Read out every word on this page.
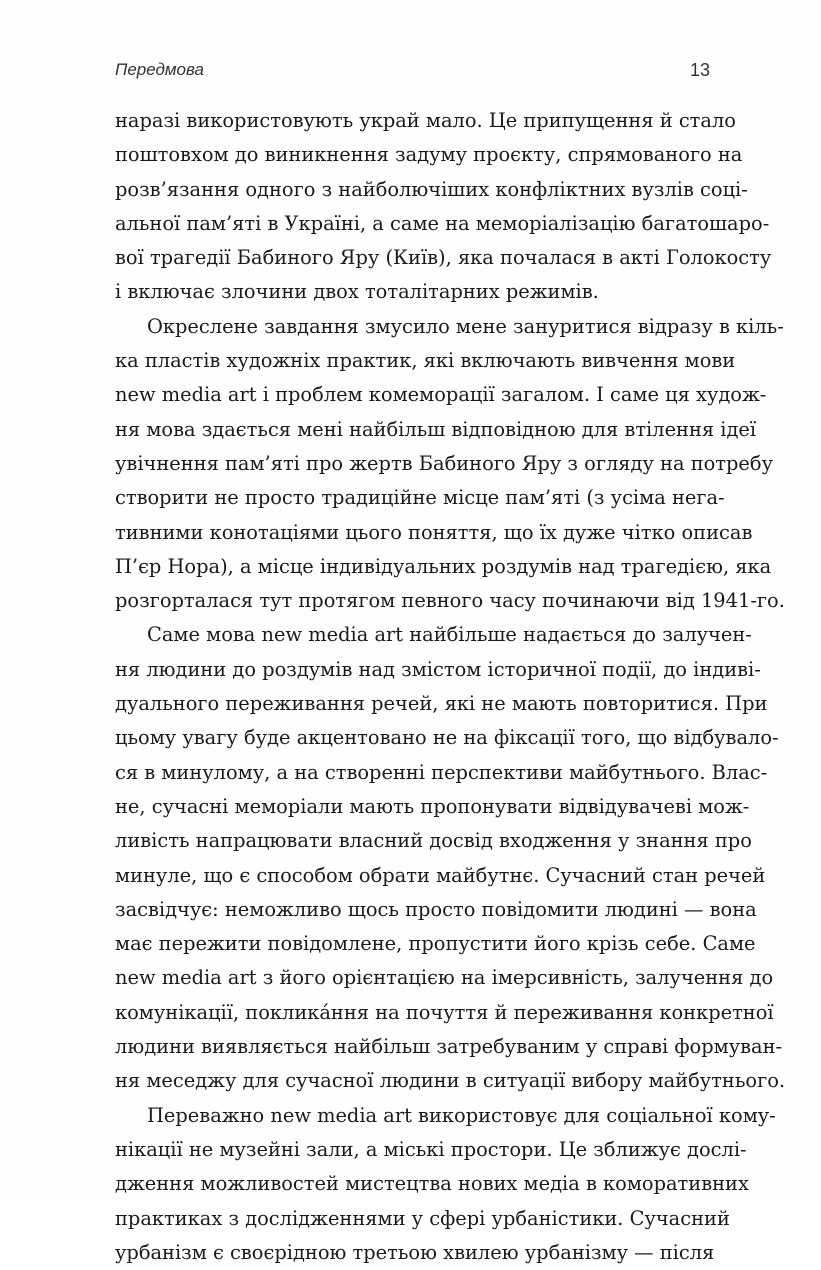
Передмова	13
наразі використовують украй мало. Це припущення й стало
поштовхом до виникнення задуму проєкту, спрямованого на
розв’язання одного з найболючіших конфліктних вузлів соці-
альної пам’яті в Україні, а саме на меморіалізацію багатошаро-
вої трагедії Бабиного Яру (Київ), яка почалася в акті Голокосту
і включає злочини двох тоталітарних режимів.
Окреслене завдання змусило мене зануритися відразу в кіль-
ка пластів художніх практик, які включають вивчення мови
new media art і проблем комеморації загалом. І саме ця худож-
ня мова здається мені найбільш відповідною для втілення ідеї
увічнення пам’яті про жертв Бабиного Яру з огляду на потребу
створити не просто традиційне місце пам’яті (з усіма нега-
тивними конотаціями цього поняття, що їх дуже чітко описав
П’єр Нора), а місце індивідуальних роздумів над трагедією, яка
розгорталася тут протягом певного часу починаючи від 1941-го.
Саме мова new media art найбільше надається до залучен-
ня людини до роздумів над змістом історичної події, до індиві-
дуального переживання речей, які не мають повторитися. При
цьому увагу буде акцентовано не на фіксації того, що відбувало-
ся в минулому, а на створенні перспективи майбутнього. Влас-
не, сучасні меморіали мають пропонувати відвідувачеві мож-
ливість напрацювати власний досвід входження у знання про
минуле, що є способом обрати майбутнє. Сучасний стан речей
засвідчує: неможливо щось просто повідомити людині — вона
має пережити повідомлене, пропустити його крізь себе. Саме
new media art з його орієнтацією на імерсивність, залучення до
комунікації, поклика́ння на почуття й переживання конкретної
людини виявляється найбільш затребуваним у справі формуван-
ня меседжу для сучасної людини в ситуації вибору майбутнього.
Переважно new media art використовує для соціальної кому-
нікації не музейні зали, а міські простори. Це зближує дослі-
дження можливостей мистецтва нових медіа в коморативних
практиках з дослідженнями у сфері урбаністики. Сучасний
урбанізм є своєрідною третьою хвилею урбанізму — після
